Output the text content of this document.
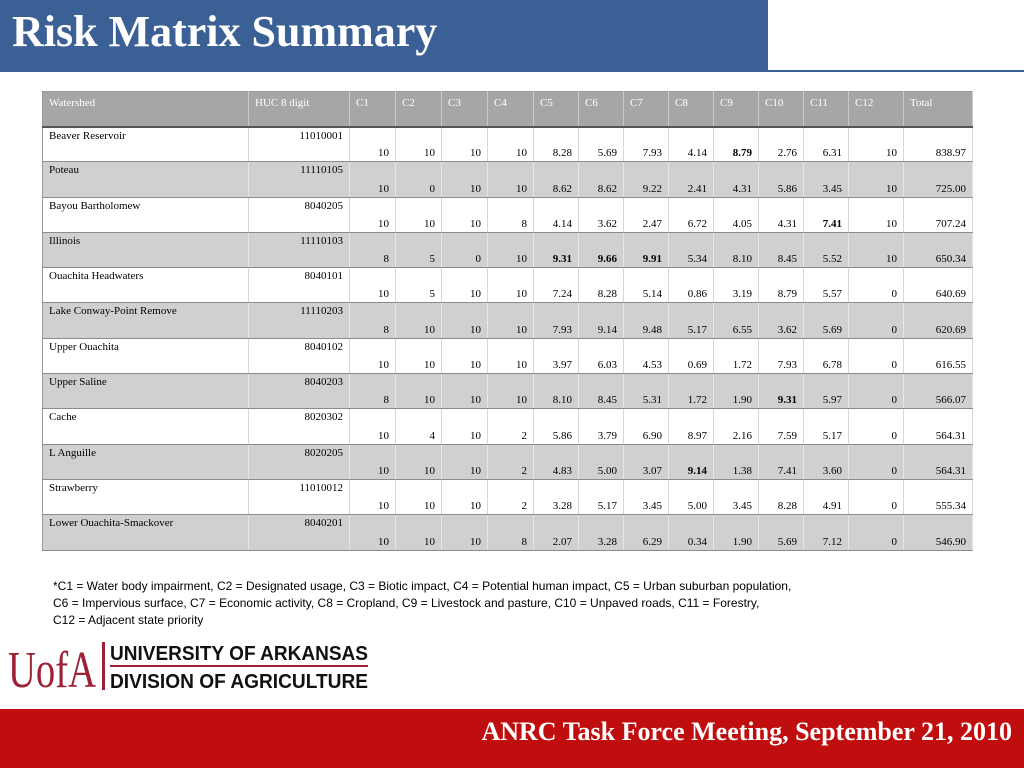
Risk Matrix Summary
Watershed	HUC 8 digit	C1	C2	C3	C4	C5	C6	C7	C8	C9	C10	C11	C12	Total
Beaver Reservoir	11010001	10	10	10	10	8.28	5.69	7.93	4.14	8.79	2.76	6.31	10	838.97
Poteau	11110105	10	0	10	10	8.62	8.62	9.22	2.41	4.31	5.86	3.45	10	725.00
Bayou Bartholomew	8040205	10	10	10	8	4.14	3.62	2.47	6.72	4.05	4.31	7.41	10	707.24
Illinois	11110103	8	5	0	10	9.31	9.66	9.91	5.34	8.10	8.45	5.52	10	650.34
Ouachita Headwaters	8040101	10	5	10	10	7.24	8.28	5.14	0.86	3.19	8.79	5.57	0	640.69
Lake Conway-Point Remove	11110203	8	10	10	10	7.93	9.14	9.48	5.17	6.55	3.62	5.69	0	620.69
Upper Ouachita	8040102	10	10	10	10	3.97	6.03	4.53	0.69	1.72	7.93	6.78	0	616.55
Upper Saline	8040203	8	10	10	10	8.10	8.45	5.31	1.72	1.90	9.31	5.97	0	566.07
Cache	8020302	10	4	10	2	5.86	3.79	6.90	8.97	2.16	7.59	5.17	0	564.31
L Anguille	8020205	10	10	10	2	4.83	5.00	3.07	9.14	1.38	7.41	3.60	0	564.31
Strawberry	11010012	10	10	10	2	3.28	5.17	3.45	5.00	3.45	8.28	4.91	0	555.34
Lower Ouachita-Smackover	8040201	10	10	10	8	2.07	3.28	6.29	0.34	1.90	5.69	7.12	0	546.90
*C1 = Water body impairment, C2 = Designated usage, C3 = Biotic impact, C4 = Potential human impact, C5 = Urban suburban population,
C6 = Impervious surface, C7 = Economic activity, C8 = Cropland, C9 = Livestock and pasture, C10 = Unpaved roads, C11 = Forestry,
C12 = Adjacent state priority
UofA UNIVERSITY OF ARKANSAS
DIVISION OF AGRICULTURE
ANRC Task Force Meeting, September 21, 2010
